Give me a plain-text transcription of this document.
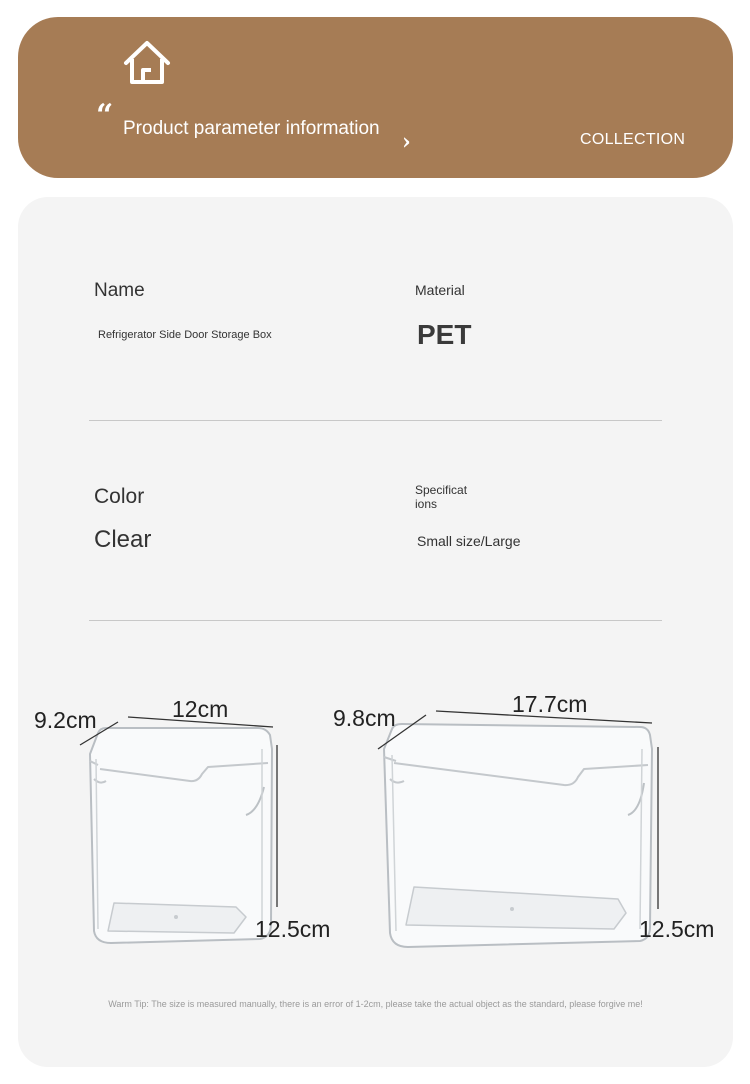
“ Product parameter information
›	COLLECTION
Name
Refrigerator Side Door Storage Box
Material
PET
Color
Clear
Specificat
ions
Small size/Large
9.2cm	12cm
12.5cm
9.8cm
17.7cm
12.5cm
Warm Tip: The size is measured manually, there is an error of 1-2cm, please take the actual object as the standard, please forgive me!
